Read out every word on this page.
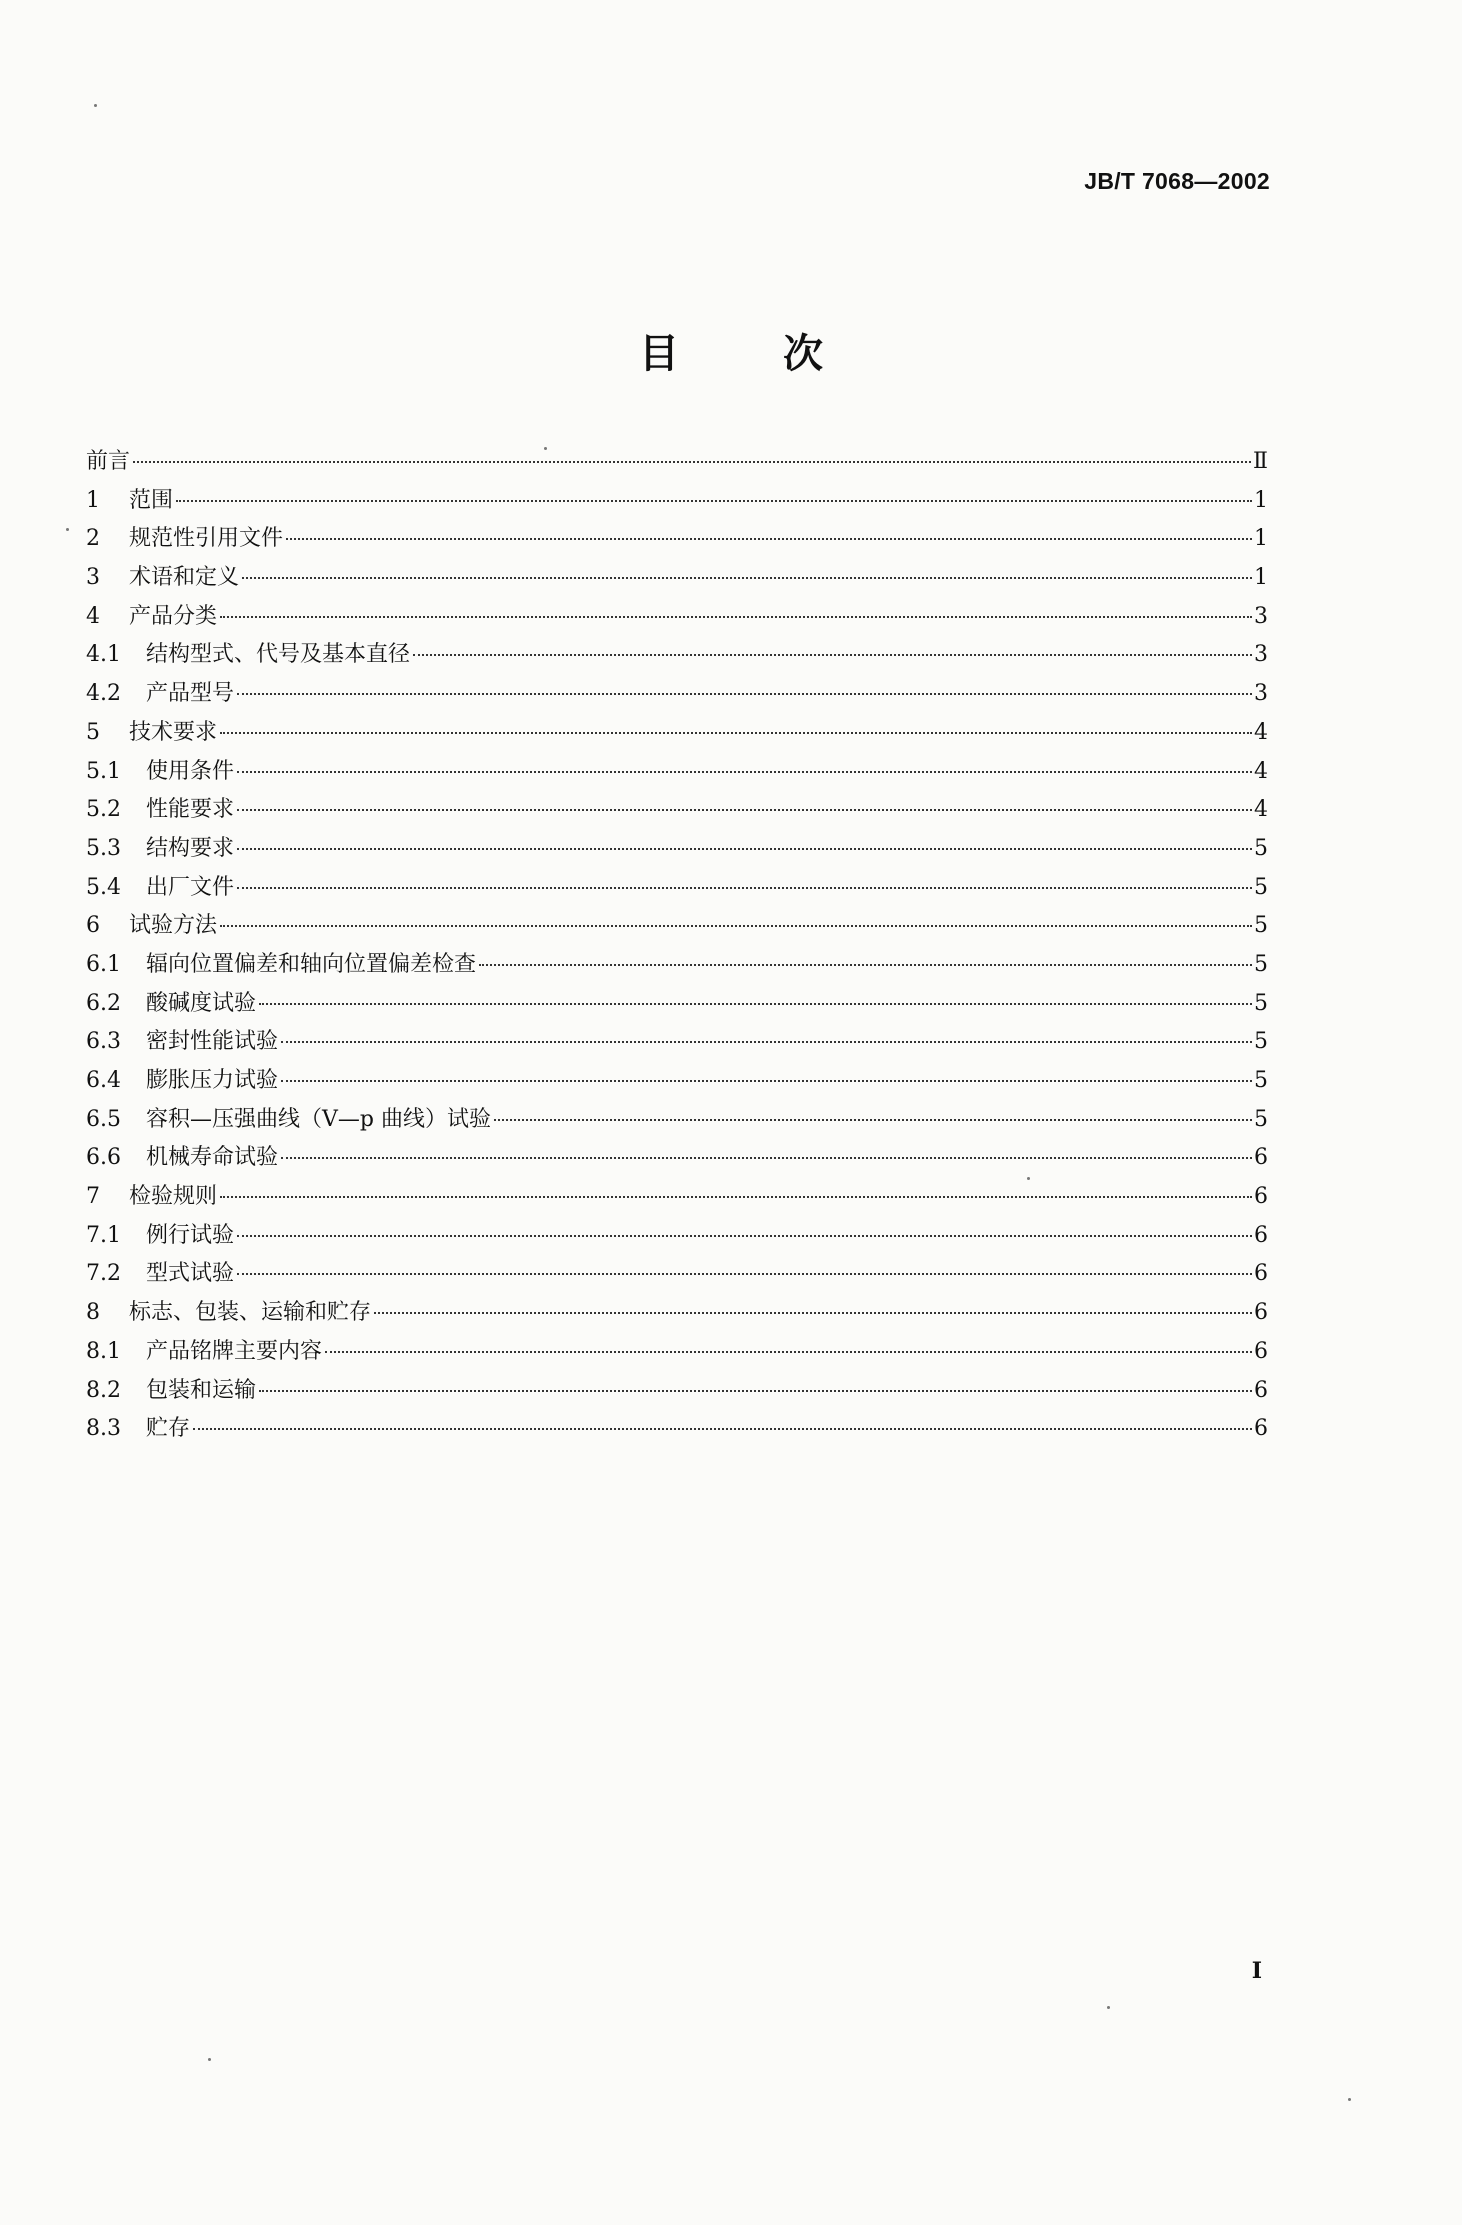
JB/T 7068—2002
目	次
前言	Ⅱ
1	范围	1
2	规范性引用文件	1
3	术语和定义	1
4	产品分类	3
4.1	结构型式、代号及基本直径	3
4.2	产品型号	3
5	技术要求	4
5.1	使用条件	4
5.2	性能要求	4
5.3	结构要求	5
5.4	出厂文件	5
6	试验方法	5
6.1	辐向位置偏差和轴向位置偏差检查	5
6.2	酸碱度试验	5
6.3	密封性能试验	5
6.4	膨胀压力试验	5
6.5	容积—压强曲线（V—p 曲线）试验	5
6.6	机械寿命试验	6
7	检验规则	6
7.1	例行试验	6
7.2	型式试验	6
8	标志、包装、运输和贮存	6
8.1	产品铭牌主要内容	6
8.2	包装和运输	6
8.3	贮存	6
I
